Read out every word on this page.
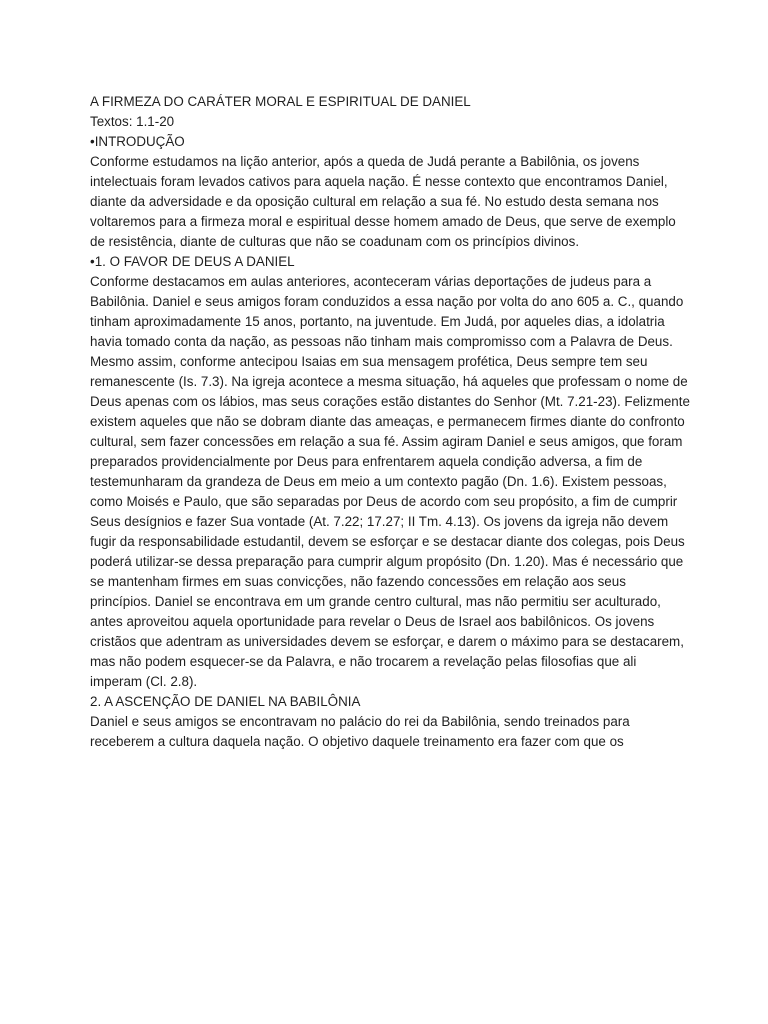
A FIRMEZA DO CARÁTER MORAL E ESPIRITUAL DE DANIEL

Textos: 1.1-20

•INTRODUÇÃO

Conforme estudamos na lição anterior, após a queda de Judá perante a Babilônia, os jovens intelectuais foram levados cativos para aquela nação. É nesse contexto que encontramos Daniel, diante da adversidade e da oposição cultural em relação a sua fé. No estudo desta semana nos voltaremos para a firmeza moral e espiritual desse homem amado de Deus, que serve de exemplo de resistência, diante de culturas que não se coadunam com os princípios divinos.

•1. O FAVOR DE DEUS A DANIEL

Conforme destacamos em aulas anteriores, aconteceram várias deportações de judeus para a Babilônia. Daniel e seus amigos foram conduzidos a essa nação por volta do ano 605 a. C., quando tinham aproximadamente 15 anos, portanto, na juventude. Em Judá, por aqueles dias, a idolatria havia tomado conta da nação, as pessoas não tinham mais compromisso com a Palavra de Deus. Mesmo assim, conforme antecipou Isaias em sua mensagem profética, Deus sempre tem seu remanescente (Is. 7.3). Na igreja acontece a mesma situação, há aqueles que professam o nome de Deus apenas com os lábios, mas seus corações estão distantes do Senhor (Mt. 7.21-23). Felizmente existem aqueles que não se dobram diante das ameaças, e permanecem firmes diante do confronto cultural, sem fazer concessões em relação a sua fé. Assim agiram Daniel e seus amigos, que foram preparados providencialmente por Deus para enfrentarem aquela condição adversa, a fim de testemunharam da grandeza de Deus em meio a um contexto pagão (Dn. 1.6). Existem pessoas, como Moisés e Paulo, que são separadas por Deus de acordo com seu propósito, a fim de cumprir Seus desígnios e fazer Sua vontade (At. 7.22; 17.27; II Tm. 4.13). Os jovens da igreja não devem fugir da responsabilidade estudantil, devem se esforçar e se destacar diante dos colegas, pois Deus poderá utilizar-se dessa preparação para cumprir algum propósito (Dn. 1.20). Mas é necessário que se mantenham firmes em suas convicções, não fazendo concessões em relação aos seus princípios. Daniel se encontrava em um grande centro cultural, mas não permitiu ser aculturado, antes aproveitou aquela oportunidade para revelar o Deus de Israel aos babilônicos. Os jovens cristãos que adentram as universidades devem se esforçar, e darem o máximo para se destacarem, mas não podem esquecer-se da Palavra, e não trocarem a revelação pelas filosofias que ali imperam (Cl. 2.8).

2. A ASCENÇÃO DE DANIEL NA BABILÔNIA

Daniel e seus amigos se encontravam no palácio do rei da Babilônia, sendo treinados para

receberem a cultura daquela nação. O objetivo daquele treinamento era fazer com que os
